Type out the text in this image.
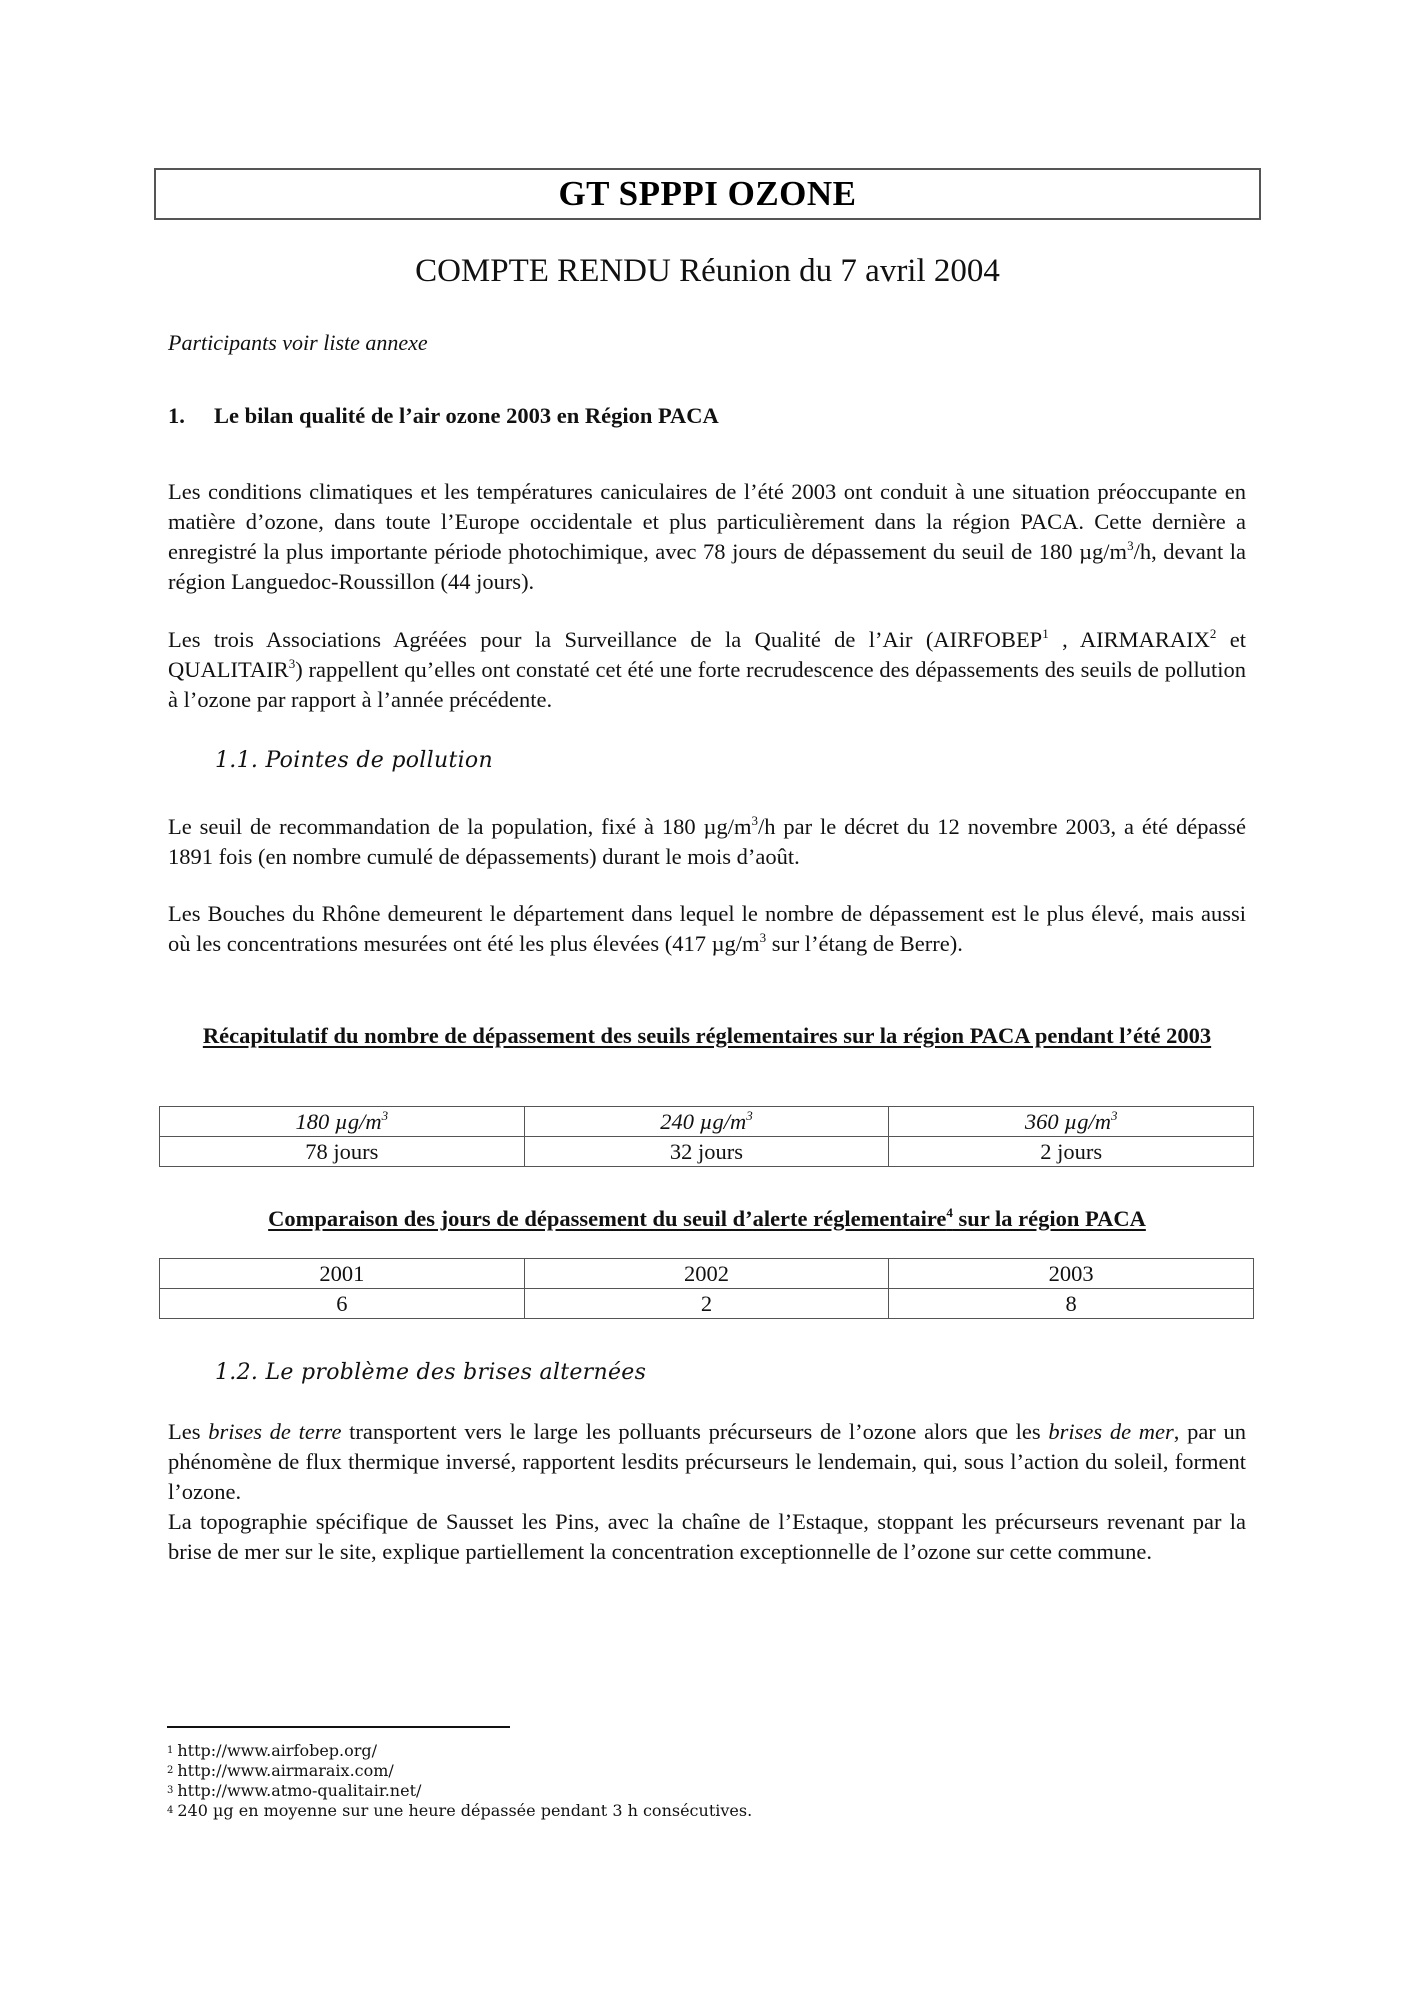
GT SPPPI OZONE
COMPTE RENDU Réunion du 7 avril 2004
Participants voir liste annexe
1. Le bilan qualité de l’air ozone 2003 en Région PACA
Les conditions climatiques et les températures caniculaires de l’été 2003 ont conduit à une situation préoccupante en matière d’ozone, dans toute l’Europe occidentale et plus particulièrement dans la région PACA. Cette dernière a enregistré la plus importante période photochimique, avec 78 jours de dépassement du seuil de 180 $\mu g/m^3/h$, devant la région Languedoc-Roussillon (44 jours).
Les trois Associations Agréées pour la Surveillance de la Qualité de l’Air (AIRFOBEP$^1$ , AIRMARAIX$^2$ et QUALITAIR$^3$) rappellent qu’elles ont constaté cet été une forte recrudescence des dépassements des seuils de pollution à l’ozone par rapport à l’année précédente.
1.1. Pointes de pollution
Le seuil de recommandation de la population, fixé à 180 $\mu g/m^3/h$ par le décret du 12 novembre 2003, a été dépassé 1891 fois (en nombre cumulé de dépassements) durant le mois d’août.
Les Bouches du Rhône demeurent le département dans lequel le nombre de dépassement est le plus élevé, mais aussi où les concentrations mesurées ont été les plus élevées (417 $\mu g/m^3$ sur l’étang de Berre).
Récapitulatif du nombre de dépassement des seuils réglementaires sur la région PACA pendant l’été 2003
180 $\mu g/m^3$	240 $\mu g/m^3$	360 $\mu g/m^3$
78 jours	32 jours	2 jours
Comparaison des jours de dépassement du seuil d’alerte réglementaire$^4$ sur la région PACA
2001	2002	2003
6	2	8
1.2. Le problème des brises alternées
Les brises de terre transportent vers le large les polluants précurseurs de l’ozone alors que les brises de mer, par un phénomène de flux thermique inversé, rapportent lesdits précurseurs le lendemain, qui, sous l’action du soleil, forment l’ozone.
La topographie spécifique de Sausset les Pins, avec la chaîne de l’Estaque, stoppant les précurseurs revenant par la brise de mer sur le site, explique partiellement la concentration exceptionnelle de l’ozone sur cette commune.
1 http://www.airfobep.org/
2 http://www.airmaraix.com/
3 http://www.atmo-qualitair.net/
4 240 µg en moyenne sur une heure dépassée pendant 3 h consécutives.
